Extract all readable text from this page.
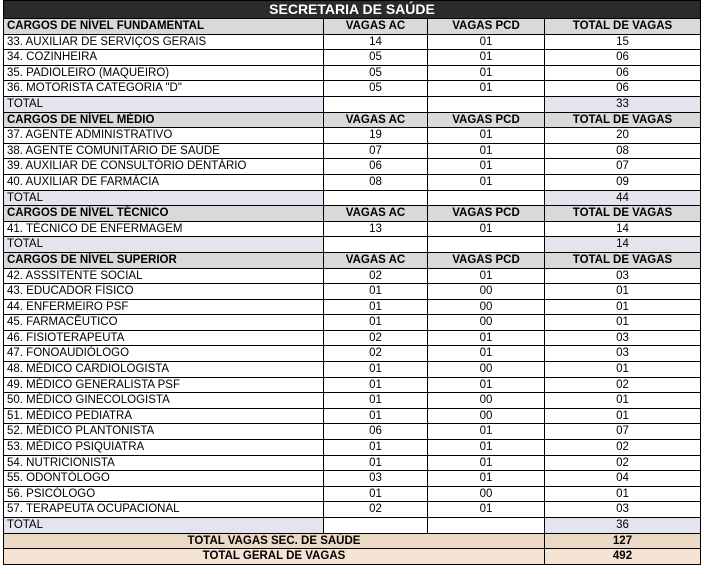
SECRETARIA DE SAÚDE			
CARGOS DE NÍVEL FUNDAMENTAL	VAGAS AC	VAGAS PCD	TOTAL DE VAGAS
33. AUXILIAR DE SERVIÇOS GERAIS	14	01	15
34. COZINHEIRA	05	01	06
35. PADIOLEIRO (MAQUEIRO)	05	01	06
36. MOTORISTA CATEGORIA "D"	05	01	06
TOTAL			33
CARGOS DE NÍVEL MÉDIO	VAGAS AC	VAGAS PCD	TOTAL DE VAGAS
37. AGENTE ADMINISTRATIVO	19	01	20
38. AGENTE COMUNITÁRIO DE SAÚDE	07	01	08
39. AUXILIAR DE CONSULTÓRIO DENTÁRIO	06	01	07
40. AUXILIAR DE FARMÁCIA	08	01	09
TOTAL			44
CARGOS DE NÍVEL TÉCNICO	VAGAS AC	VAGAS PCD	TOTAL DE VAGAS
41. TÉCNICO DE ENFERMAGEM	13	01	14
TOTAL			14
CARGOS DE NÍVEL SUPERIOR	VAGAS AC	VAGAS PCD	TOTAL DE VAGAS
42. ASSSITENTE SOCIAL	02	01	03
43. EDUCADOR FÍSICO	01	00	01
44. ENFERMEIRO PSF	01	00	01
45. FARMACÊUTICO	01	00	01
46. FISIOTERAPEUTA	02	01	03
47. FONOAUDIÓLOGO	02	01	03
48. MÉDICO CARDIOLOGISTA	01	00	01
49. MÉDICO GENERALISTA PSF	01	01	02
50. MÉDICO GINECOLOGISTA	01	00	01
51. MÉDICO PEDIATRA	01	00	01
52. MÉDICO PLANTONISTA	06	01	07
53. MÉDICO PSIQUIATRA	01	01	02
54. NUTRICIONISTA	01	01	02
55. ODONTÓLOGO	03	01	04
56. PSICÓLOGO	01	00	01
57. TERAPEUTA OCUPACIONAL	02	01	03
TOTAL			36
TOTAL VAGAS SEC. DE SAÚDE			127
TOTAL GERAL DE VAGAS			492
